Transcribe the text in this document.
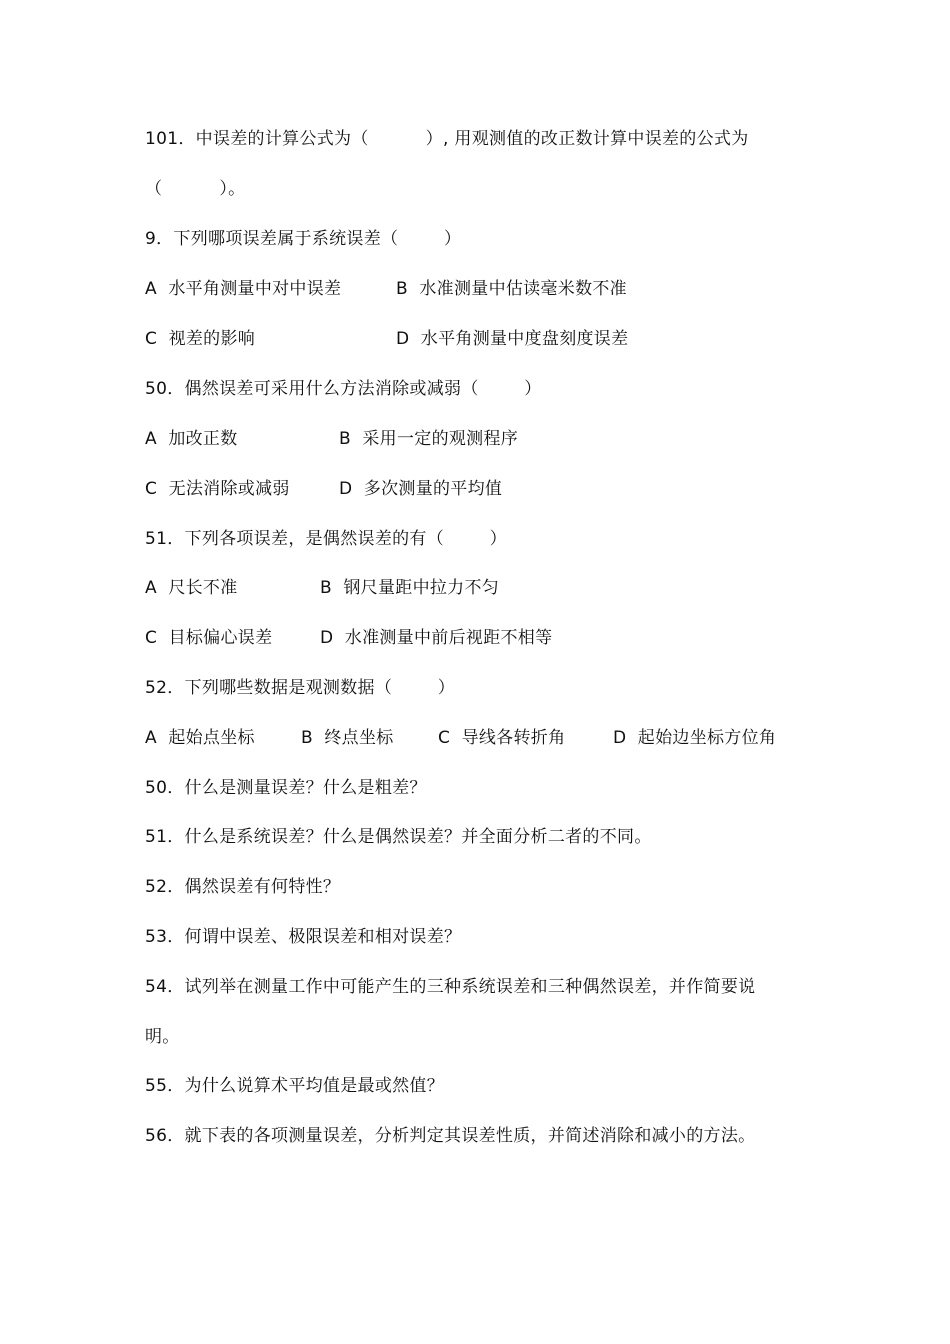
101．中误差的计算公式为（          ）, 用观测值的改正数计算中误差的公式为
（          ）。
9．下列哪项误差属于系统误差（        ）

A  水平角测量中对中误差

	B  水准测量中估读毫米数不准

C  视差的影响

	D  水平角测量中度盘刻度误差

50．偶然误差可采用什么方法消除或减弱（        ）

A  加改正数

	B  采用一定的观测程序

C  无法消除或减弱

	D  多次测量的平均值

51．下列各项误差，是偶然误差的有（        ）

A  尺长不准

	B  钢尺量距中拉力不匀

C  目标偏心误差

	D  水准测量中前后视距不相等

52．下列哪些数据是观测数据（        ）

A  起始点坐标

	B  终点坐标

	C  导线各转折角

	D  起始边坐标方位角

50．什么是测量误差？什么是粗差？
51．什么是系统误差？什么是偶然误差？并全面分析二者的不同。
52．偶然误差有何特性？
53．何谓中误差、极限误差和相对误差？
54．试列举在测量工作中可能产生的三种系统误差和三种偶然误差，并作简要说
明。
55．为什么说算术平均值是最或然值？
56．就下表的各项测量误差，分析判定其误差性质，并简述消除和减小的方法。
